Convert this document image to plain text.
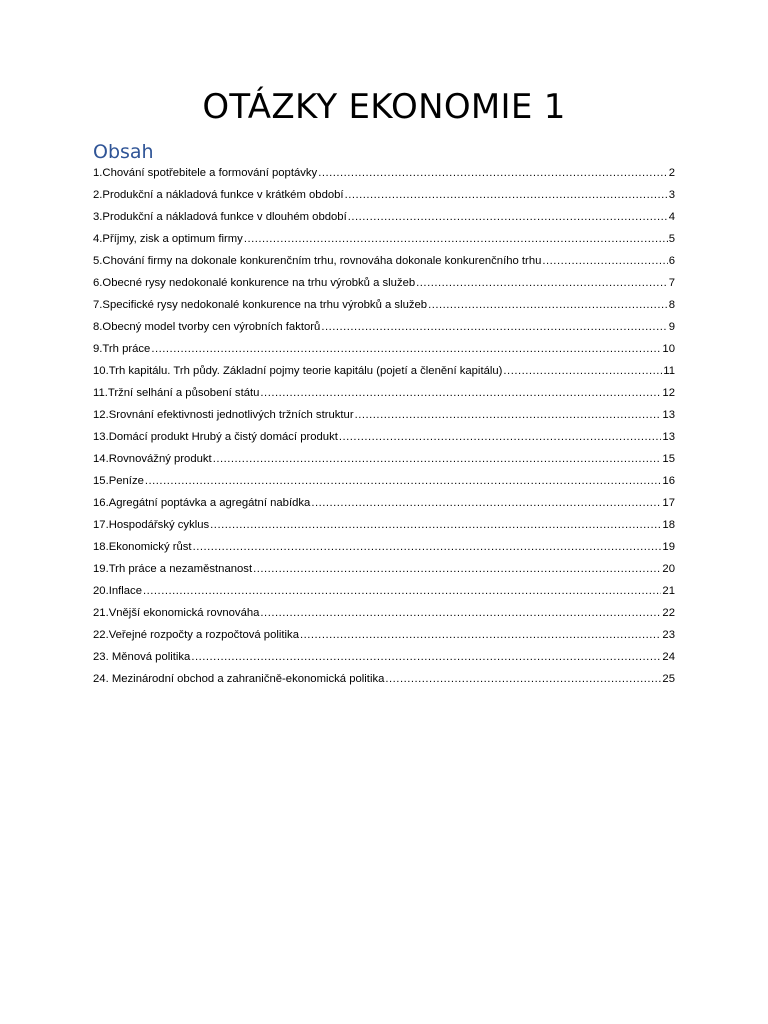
OTÁZKY EKONOMIE 1
Obsah
1.Chování spotřebitele a formování poptávky .....	2
2.Produkční a nákladová funkce v krátkém období .....	3
3.Produkční a nákladová funkce v dlouhém období .....	4
4.Příjmy, zisk a optimum firmy .....	5
5.Chování firmy na dokonale konkurenčním trhu, rovnováha dokonale konkurenčního trhu .....	6
6.Obecné rysy nedokonalé konkurence na trhu výrobků a služeb .....	7
7.Specifické rysy nedokonalé konkurence na trhu výrobků a služeb .....	8
8.Obecný model tvorby cen výrobních faktorů .....	9
9.Trh práce .....	10
10.Trh kapitálu. Trh půdy. Základní pojmy teorie kapitálu (pojetí a členění kapitálu) .....	11
11.Tržní selhání a působení státu .....	12
12.Srovnání efektivnosti jednotlivých tržních struktur .....	13
13.Domácí produkt Hrubý a čistý domácí produkt .....	13
14.Rovnovážný produkt .....	15
15.Peníze .....	16
16.Agregátní poptávka a agregátní nabídka .....	17
17.Hospodářský cyklus .....	18
18.Ekonomický růst .....	19
19.Trh práce a nezaměstnanost .....	20
20.Inflace .....	21
21.Vnější ekonomická rovnováha .....	22
22.Veřejné rozpočty a rozpočtová politika .....	23
23. Měnová politika .....	24
24. Mezinárodní obchod a zahraničně-ekonomická politika .....	25
